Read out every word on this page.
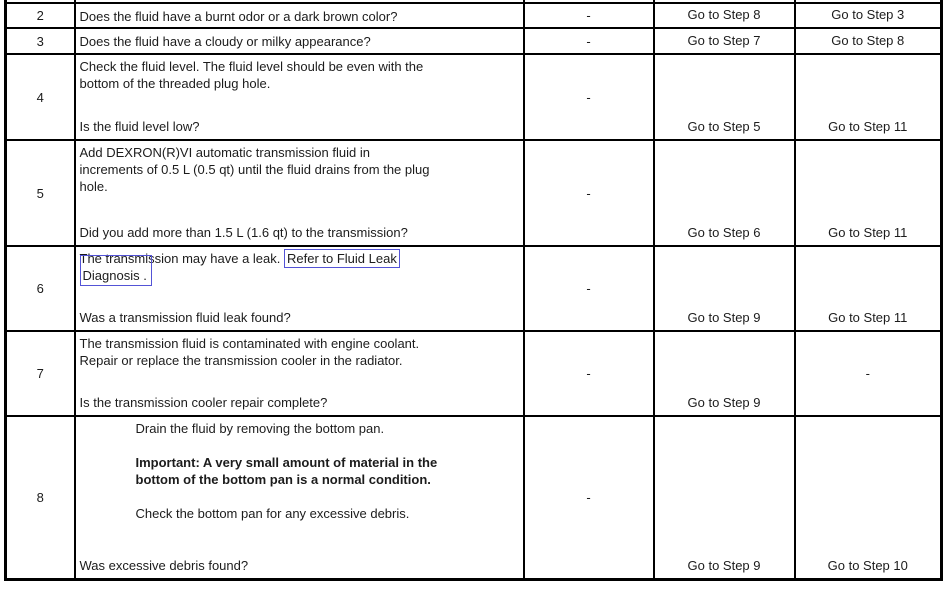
2	Does the fluid have a burnt odor or a dark brown color?	-	Go to Step 8	Go to Step 3
3	Does the fluid have a cloudy or milky appearance?	-	Go to Step 7	Go to Step 8
4	Check the fluid level. The fluid level should be even with the
bottom of the threaded plug hole.
Is the fluid level low?	-	Go to Step 5	Go to Step 11
5	Add DEXRON(R)VI automatic transmission fluid in
increments of 0.5 L (0.5 qt) until the fluid drains from the plug
hole.
Did you add more than 1.5 L (1.6 qt) to the transmission?	-	Go to Step 6	Go to Step 11
6	The transmission may have a leak. Refer to Fluid Leak
Diagnosis .
Was a transmission fluid leak found?	-	Go to Step 9	Go to Step 11
7	The transmission fluid is contaminated with engine coolant.
Repair or replace the transmission cooler in the radiator.
Is the transmission cooler repair complete?	-	Go to Step 9	-
8	Drain the fluid by removing the bottom pan.
Important: A very small amount of material in the
bottom of the bottom pan is a normal condition.
Check the bottom pan for any excessive debris.
Was excessive debris found?	-	Go to Step 9	Go to Step 10
